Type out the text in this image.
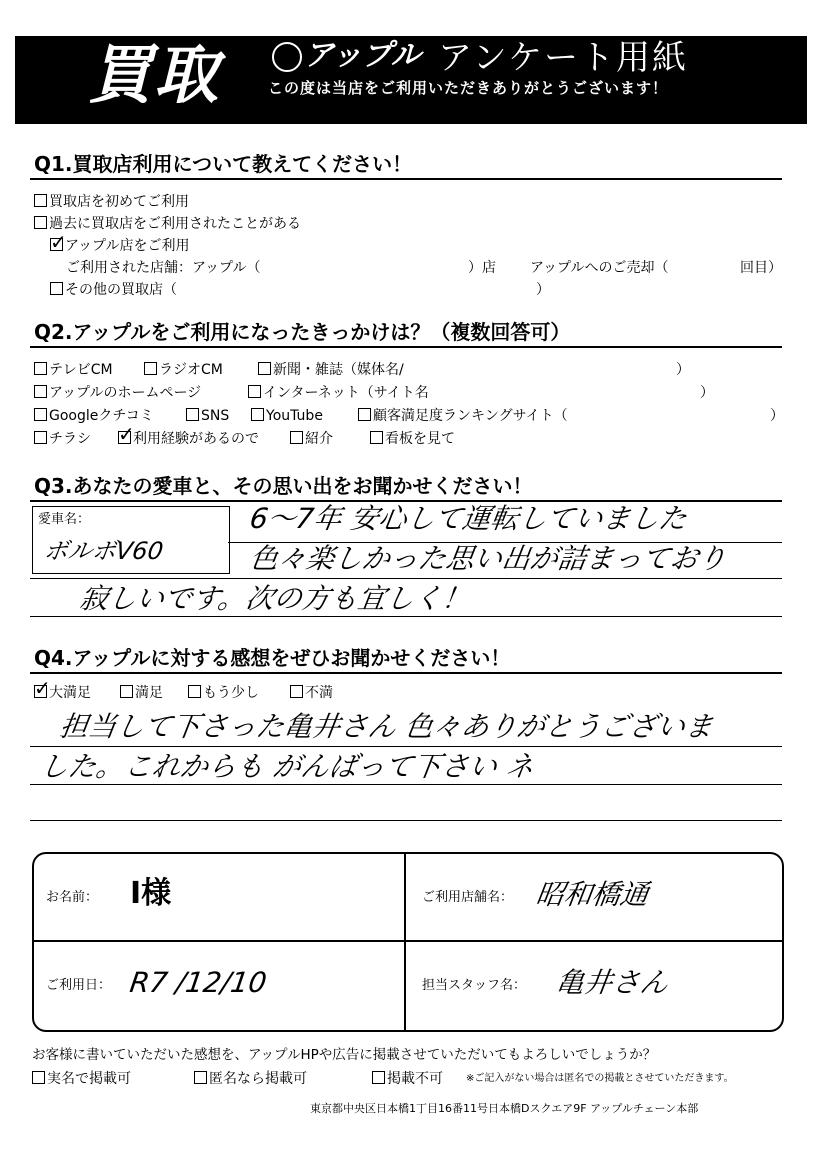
買取	アップル アンケート用紙
この度は当店をご利用いただきありがとうございます！
Q1.買取店利用について教えてください！
買取店を初めてご利用
過去に買取店をご利用されたことがある
アップル店をご利用
✓
ご利用された店舗：アップル（	）店 アップルへのご売却（	回目）
その他の買取店（	）
Q2.アップルをご利用になったきっかけは？（複数回答可）
テレビCM	ラジオCM	新聞・雑誌（媒体名/	）
アップルのホームページ	インターネット（サイト名	）
Googleクチコミ	SNS	YouTube	顧客満足度ランキングサイト（	）
チラシ	利用経験があるので
✓	紹介	看板を見て
Q3.あなたの愛車と、その思い出をお聞かせください！
愛車名：
ボルボV60
6～7年 安心して運転していました
色々楽しかった思い出が詰まっており
寂しいです。次の方も宜しく！
Q4.アップルに対する感想をぜひお聞かせください！
大満足
✓	満足	もう少し	不満
担当して下さった亀井さん 色々ありがとうございま
した。これからも がんばって下さい ネ
お名前： I様	ご利用店舗名： 昭和橋通
ご利用日： R7 /12/10	担当スタッフ名： 亀井さん
お客様に書いていただいた感想を、アップルHPや広告に掲載させていただいてもよろしいでしょうか？
実名で掲載可	匿名なら掲載可	掲載不可 ※ご記入がない場合は匿名での掲載とさせていただきます。
東京都中央区日本橋1丁目16番11号日本橋Dスクエア9F アップルチェーン本部
